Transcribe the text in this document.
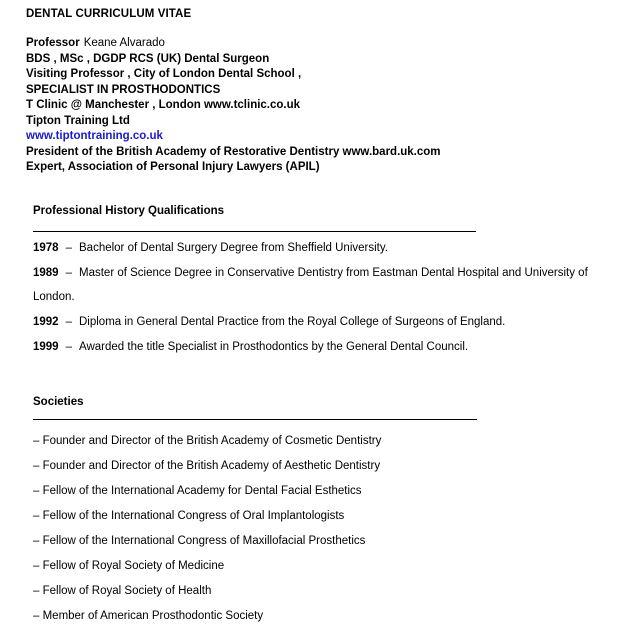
DENTAL CURRICULUM VITAE
Professor Keane Alvarado
BDS , MSc , DGDP RCS (UK) Dental Surgeon
Visiting Professor , City of London Dental School ,
SPECIALIST IN PROSTHODONTICS
T Clinic @ Manchester , London www.tclinic.co.uk
Tipton Training Ltd
www.tiptontraining.co.uk
President of the British Academy of Restorative Dentistry www.bard.uk.com
Expert, Association of Personal Injury Lawyers (APIL)
Professional History Qualifications
1978 – Bachelor of Dental Surgery Degree from Sheffield University.
1989 – Master of Science Degree in Conservative Dentistry from Eastman Dental Hospital and University of London.
1992 – Diploma in General Dental Practice from the Royal College of Surgeons of England.
1999 – Awarded the title Specialist in Prosthodontics by the General Dental Council.
Societies
– Founder and Director of the British Academy of Cosmetic Dentistry
– Founder and Director of the British Academy of Aesthetic Dentistry
– Fellow of the International Academy for Dental Facial Esthetics
– Fellow of the International Congress of Oral Implantologists
– Fellow of the International Congress of Maxillofacial Prosthetics
– Fellow of Royal Society of Medicine
– Fellow of Royal Society of Health
– Member of American Prosthodontic Society
